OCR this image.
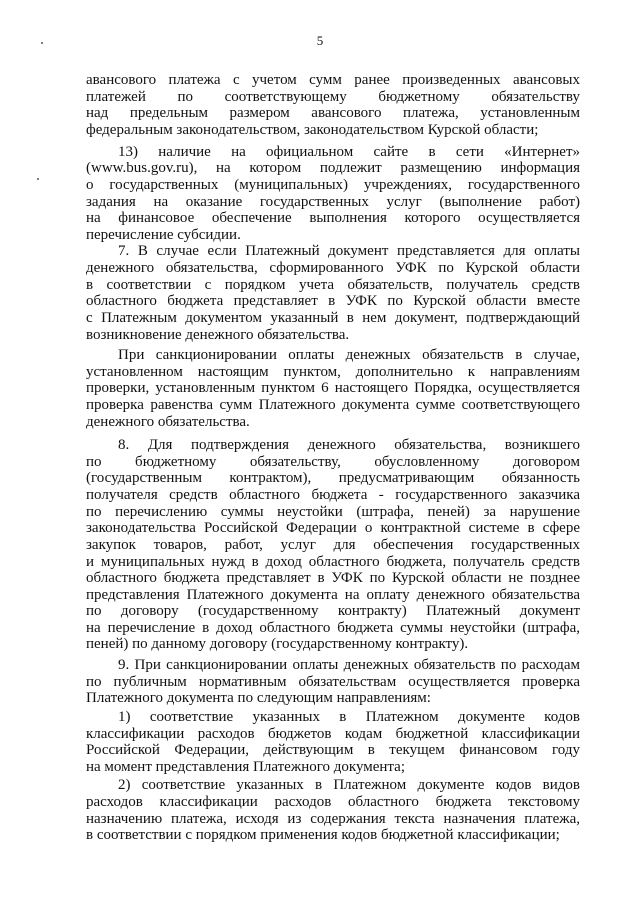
5
авансового платежа с учетом сумм ранее произведенных авансовых
платежей по соответствующему бюджетному обязательству
над предельным размером авансового платежа, установленным
федеральным законодательством, законодательством Курской области;
13) наличие на официальном сайте в сети «Интернет»
(www.bus.gov.ru), на котором подлежит размещению информация
о государственных (муниципальных) учреждениях, государственного
задания на оказание государственных услуг (выполнение работ)
на финансовое обеспечение выполнения которого осуществляется
перечисление субсидии.
7. В случае если Платежный документ представляется для оплаты
денежного обязательства, сформированного УФК по Курской области
в соответствии с порядком учета обязательств, получатель средств
областного бюджета представляет в УФК по Курской области вместе
с Платежным документом указанный в нем документ, подтверждающий
возникновение денежного обязательства.
При санкционировании оплаты денежных обязательств в случае,
установленном настоящим пунктом, дополнительно к направлениям
проверки, установленным пунктом 6 настоящего Порядка, осуществляется
проверка равенства сумм Платежного документа сумме соответствующего
денежного обязательства.
8. Для подтверждения денежного обязательства, возникшего
по бюджетному обязательству, обусловленному договором
(государственным контрактом), предусматривающим обязанность
получателя средств областного бюджета - государственного заказчика
по перечислению суммы неустойки (штрафа, пеней) за нарушение
законодательства Российской Федерации о контрактной системе в сфере
закупок товаров, работ, услуг для обеспечения государственных
и муниципальных нужд в доход областного бюджета, получатель средств
областного бюджета представляет в УФК по Курской области не позднее
представления Платежного документа на оплату денежного обязательства
по договору (государственному контракту) Платежный документ
на перечисление в доход областного бюджета суммы неустойки (штрафа,
пеней) по данному договору (государственному контракту).
9. При санкционировании оплаты денежных обязательств по расходам
по публичным нормативным обязательствам осуществляется проверка
Платежного документа по следующим направлениям:
1) соответствие указанных в Платежном документе кодов
классификации расходов бюджетов кодам бюджетной классификации
Российской Федерации, действующим в текущем финансовом году
на момент представления Платежного документа;
2) соответствие указанных в Платежном документе кодов видов
расходов классификации расходов областного бюджета текстовому
назначению платежа, исходя из содержания текста назначения платежа,
в соответствии с порядком применения кодов бюджетной классификации;
